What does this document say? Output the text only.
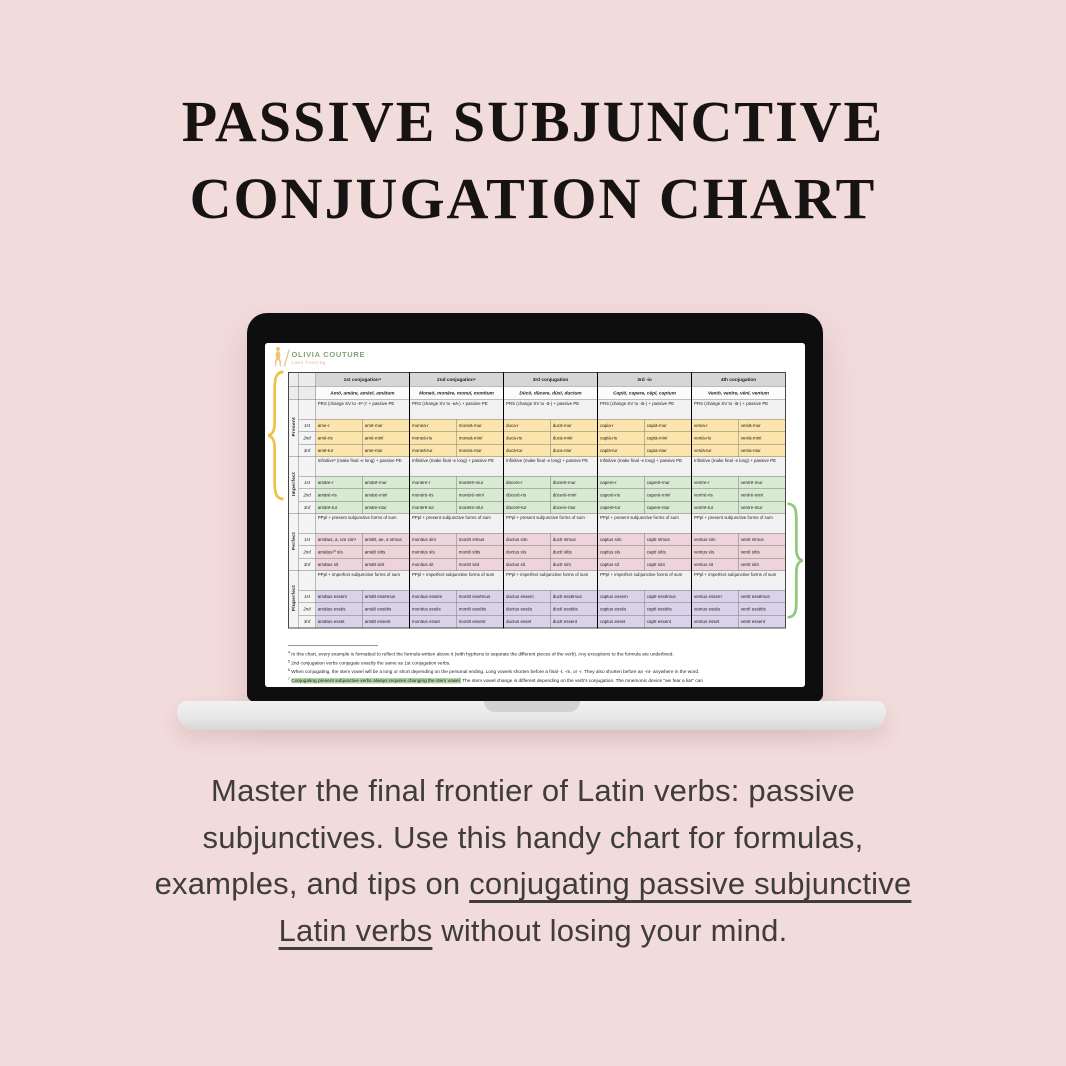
PASSIVE SUBJUNCTIVE
CONJUGATION CHART
OLIVIA COUTURE
Latin Tutoring
		1st conjugation⁴		2nd conjugation⁵		3rd conjugation		3rd -io		4th conjugation	
		Amō, amāre, amāvī, amātum		Moneō, monēre, monuī, monitum		Dūcō, dūcere, dūxī, ductum		Capiō, capere, cēpī, captum		Veniō, venīre, vēnī, ventum	
Present		PRS (change SV to -ē⁶-)⁷ + passive PE		PRS (change SV to -eā-) + passive PE		PRS (change SV to -ā-) + passive PE		PRS (change SV to -iā-) + passive PE		PRS (change SV to -iā-) + passive PE	
	1st	ame-r	amē-mur	monea-r	moneā-mur	duca-r	ducā-mur	capia-r	capiā-mur	venia-r	veniā-mur
	2nd	amē-ris	amē-minī	moneā-ris	moneā-minī	ducā-ris	ducā-minī	capiā-ris	capiā-minī	veniā-ris	veniā-minī
	3rd	amē-tur	ame-ntur	moneā-tur	monea-ntur	ducā-tur	duca-ntur	capiā-tur	capia-ntur	veniā-tur	venia-ntur
Imperfect		Infinitive⁸ (make final -e long) + passive PE		Infinitive (make final -e long) + passive PE		Infinitive (make final -e long) + passive PE		Infinitive (make final -e long) + passive PE		Infinitive (make final -e long) + passive PE	
	1st	amāre-r	amārē-mur	monēre-r	monērē-mur	dūcere-r	dūcerē-mur	capere-r	caperē-mur	venīre-r	venīrē-mur
	2nd	amārē-ris	amārē-minī	monērē-ris	monērē-minī	dūcerē-ris	dūcerē-minī	caperē-ris	caperē-minī	venīrē-ris	venīrē-minī
	3rd	amārē-tur	amāre-ntur	monērē-tur	monēre-ntur	dūcerē-tur	dūcere-ntur	caperē-tur	capere-ntur	venīrē-tur	venīre-ntur
Perfect		PPpl + present subjunctive forms of sum		PPpl + present subjunctive forms of sum		PPpl + present subjunctive forms of sum		PPpl + present subjunctive forms of sum		PPpl + present subjunctive forms of sum	
	1st	amātus, a, um sim⁹	amātī, ae, a sīmus	monitus sim	monitī sīmus	ductus sim	ductī sīmus	captus sim	captī sīmus	ventus sim	ventī sīmus
	2nd	amātus¹⁰ sīs	amātī sītis	monitus sīs	monitī sītis	ductus sīs	ductī sītis	captus sīs	captī sītis	ventus sīs	ventī sītis
	3rd	amātus sit	amātī sint	monitus sit	monitī sint	ductus sit	ductī sint	captus sit	captī sint	ventus sit	ventī sint
Pluperfect		PPpl + imperfect subjunctive forms of sum		PPpl + imperfect subjunctive forms of sum		PPpl + imperfect subjunctive forms of sum		PPpl + imperfect subjunctive forms of sum		PPpl + imperfect subjunctive forms of sum	
	1st	amātus essem	amātī essēmus	monitus essem	monitī essēmus	ductus essem	ductī essēmus	captus essem	captī essēmus	ventus essem	ventī essēmus
	2nd	amātus essēs	amātī essētis	monitus essēs	monitī essētis	ductus essēs	ductī essētis	captus essēs	captī essētis	ventus essēs	ventī essētis
	3rd	amātus esset	amātī essent	monitus esset	monitī essent	ductus esset	ductī essent	captus esset	captī essent	ventus esset	ventī essent
$^4$ In this chart, every example is formatted to reflect the formula written above it (with hyphens to separate the different pieces of the verb). Any exceptions to the formula are underlined.
$^5$ 2nd conjugation verbs conjugate exactly the same as 1st conjugation verbs.
$^6$ When conjugating, the stem vowel will be a long or short depending on the personal ending. Long vowels shorten before a final -t, -m, or -r. They also shorten before an -nt- anywhere in the word.
$^7$ Conjugating present subjunctive verbs always requires changing the stem vowel. The stem vowel change is different depending on the verb's conjugation. The mnemonic device "we fear a liar" can

Master the final frontier of Latin verbs: passive subjunctives. Use this handy chart for formulas, examples, and tips on conjugating passive subjunctive Latin verbs without losing your mind.
